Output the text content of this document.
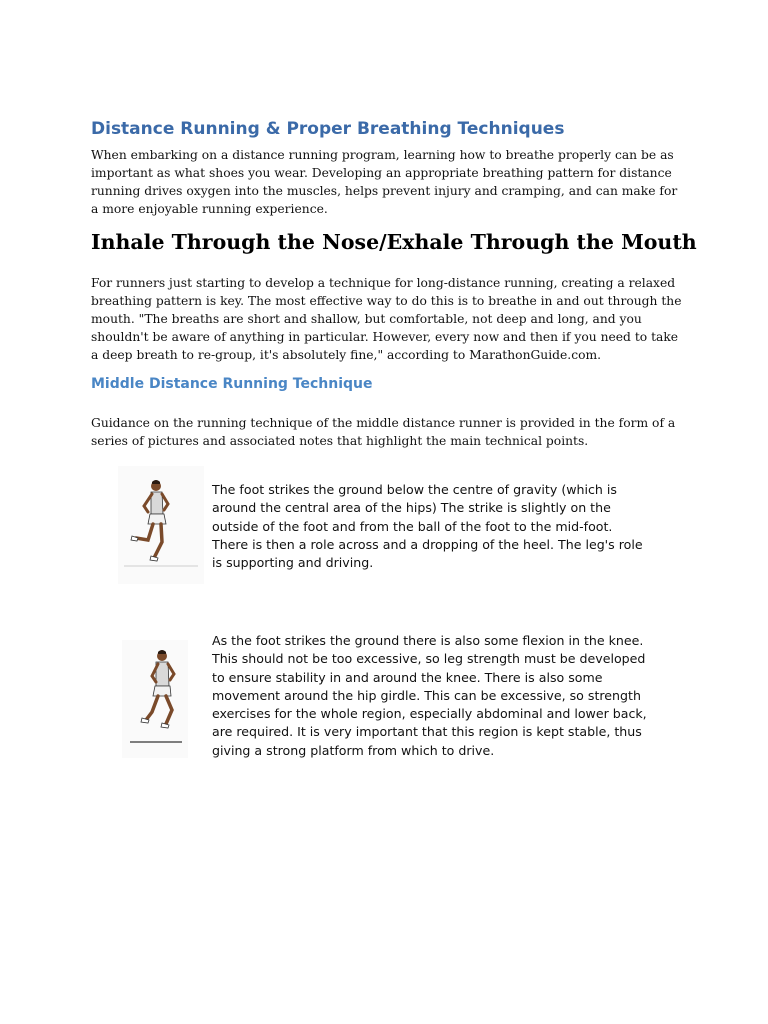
Distance Running & Proper Breathing Techniques

When embarking on a distance running program, learning how to breathe properly can be as important as what shoes you wear. Developing an appropriate breathing pattern for distance running drives oxygen into the muscles, helps prevent injury and cramping, and can make for a more enjoyable running experience.

Inhale Through the Nose/Exhale Through the Mouth

For runners just starting to develop a technique for long-distance running, creating a relaxed breathing pattern is key. The most effective way to do this is to breathe in and out through the mouth. "The breaths are short and shallow, but comfortable, not deep and long, and you shouldn't be aware of anything in particular. However, every now and then if you need to take a deep breath to re-group, it's absolutely fine," according to MarathonGuide.com.

Middle Distance Running Technique

Guidance on the running technique of the middle distance runner is provided in the form of a series of pictures and associated notes that highlight the main technical points.

The foot strikes the ground below the centre of gravity (which is around the central area of the hips) The strike is slightly on the outside of the foot and from the ball of the foot to the mid-foot. There is then a role across and a dropping of the heel. The leg's role is supporting and driving.

As the foot strikes the ground there is also some flexion in the knee. This should not be too excessive, so leg strength must be developed to ensure stability in and around the knee. There is also some movement around the hip girdle. This can be excessive, so strength exercises for the whole region, especially abdominal and lower back, are required. It is very important that this region is kept stable, thus giving a strong platform from which to drive.
